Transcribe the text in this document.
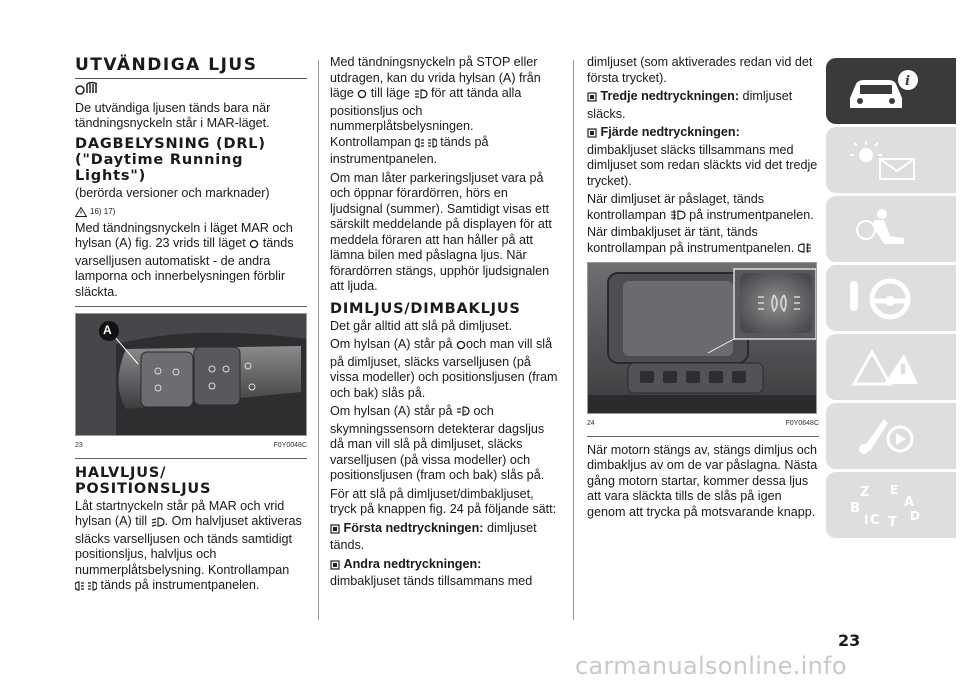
UTVÄNDIGA LJUS

De utvändiga ljusen tänds bara när tändningsnyckeln står i MAR-läget.

DAGBELYSNING (DRL) ("Daytime Running Lights")

(berörda versioner och marknader)

16) 17)

Med tändningsnyckeln i läget MAR och hylsan (A) fig. 23 vrids till läget  tänds varselljusen automatiskt - de andra lamporna och innerbelysningen förblir släckta.

A
23	F0Y0048C
HALVLJUS/ POSITIONSLJUS

Låt startnyckeln står på MAR och vrid hylsan (A) till . Om halvljuset aktiveras släcks varselljusen och tänds samtidigt positionsljus, halvljus och nummerplåtsbelysning. Kontrollampan  tänds på instrumentpanelen.

Med tändningsnyckeln på STOP eller utdragen, kan du vrida hylsan (A) från läge  till läge  för att tända alla positionsljus och nummerplåtsbelysningen. Kontrollampan  tänds på instrumentpanelen.

Om man låter parkeringsljuset vara på och öppnar förardörren, hörs en ljudsignal (summer). Samtidigt visas ett särskilt meddelande på displayen för att meddela föraren att han håller på att lämna bilen med påslagna ljus. När förardörren stängs, upphör ljudsignalen att ljuda.

DIMLJUS/DIMBAKLJUS

Det går alltid att slå på dimljuset.

Om hylsan (A) står på och man vill slå på dimljuset, släcks varselljusen (på vissa modeller) och positionsljusen (fram och bak) slås på.

Om hylsan (A) står på A och skymningssensorn detekterar dagsljus då man vill slå på dimljuset, släcks varselljusen (på vissa modeller) och positionsljusen (fram och bak) slås på.

För att slå på dimljuset/dimbakljuset, tryck på knappen fig. 24 på följande sätt:

Första nedtryckningen: dimljuset tänds.

Andra nedtryckningen:
dimbakljuset tänds tillsammans med

dimljuset (som aktiverades redan vid det första trycket).

Tredje nedtryckningen: dimljuset släcks.

Fjärde nedtryckningen:
dimbakljuset släcks tillsammans med dimljuset som redan släckts vid det tredje trycket).

När dimljuset är påslaget, tänds kontrollampan  på instrumentpanelen. När dimbakljuset är tänt, tänds kontrollampan på instrumentpanelen.

24	F0Y0648C

När motorn stängs av, stängs dimljus och dimbakljus av om de var påslagna. Nästa gång motorn startar, kommer dessa ljus att vara släckta tills de slås på igen genom att trycka på motsvarande knapp.

i
Z E
A
B
C T D
I
23
carmanualsonline.info
